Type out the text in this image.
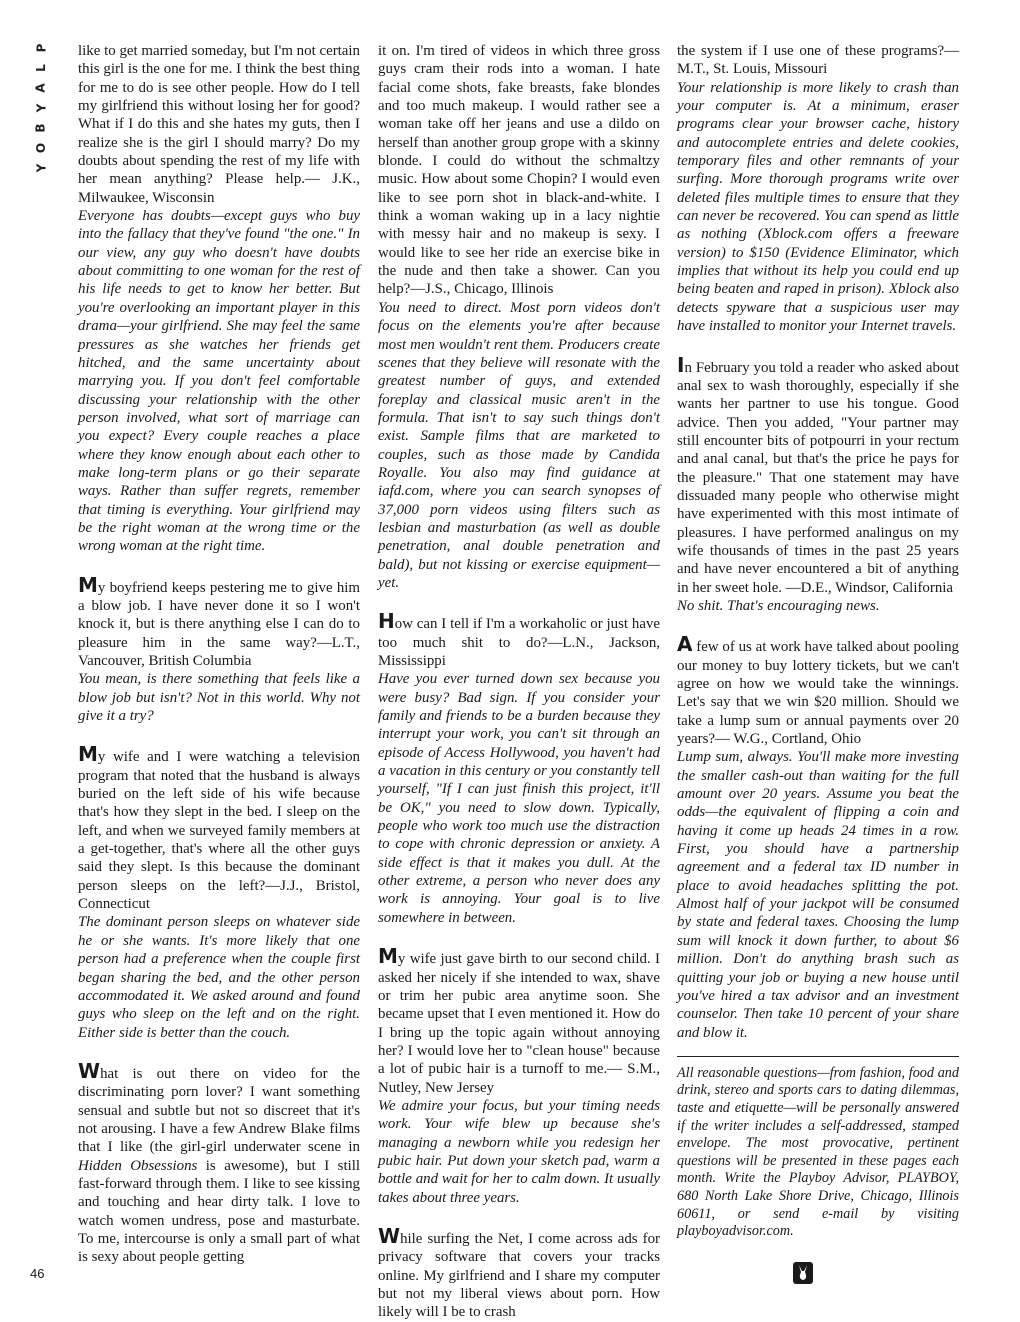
P
L
A
Y
B
O
Y

like to get married someday, but I'm not certain this girl is the one for me. I think the best thing for me to do is see other people. How do I tell my girlfriend this without losing her for good? What if I do this and she hates my guts, then I realize she is the girl I should marry? Do my doubts about spending the rest of my life with her mean anything? Please help.— J.K., Milwaukee, Wisconsin

Everyone has doubts—except guys who buy into the fallacy that they've found "the one." In our view, any guy who doesn't have doubts about committing to one woman for the rest of his life needs to get to know her better. But you're overlooking an important player in this drama—your girlfriend. She may feel the same pressures as she watches her friends get hitched, and the same uncertainty about marrying you. If you don't feel comfortable discussing your relationship with the other person involved, what sort of marriage can you expect? Every couple reaches a place where they know enough about each other to make long-term plans or go their separate ways. Rather than suffer regrets, remember that timing is everything. Your girlfriend may be the right woman at the wrong time or the wrong woman at the right time.

My boyfriend keeps pestering me to give him a blow job. I have never done it so I won't knock it, but is there anything else I can do to pleasure him in the same way?—L.T., Vancouver, British Columbia

You mean, is there something that feels like a blow job but isn't? Not in this world. Why not give it a try?

My wife and I were watching a television program that noted that the husband is always buried on the left side of his wife because that's how they slept in the bed. I sleep on the left, and when we surveyed family members at a get-together, that's where all the other guys said they slept. Is this because the dominant person sleeps on the left?—J.J., Bristol, Connecticut

The dominant person sleeps on whatever side he or she wants. It's more likely that one person had a preference when the couple first began sharing the bed, and the other person accommodated it. We asked around and found guys who sleep on the left and on the right. Either side is better than the couch.

What is out there on video for the discriminating porn lover? I want something sensual and subtle but not so discreet that it's not arousing. I have a few Andrew Blake films that I like (the girl-girl underwater scene in Hidden Obsessions is awesome), but I still fast-forward through them. I like to see kissing and touching and hear dirty talk. I love to watch women undress, pose and masturbate. To me, intercourse is only a small part of what is sexy about people getting

it on. I'm tired of videos in which three gross guys cram their rods into a woman. I hate facial come shots, fake breasts, fake blondes and too much makeup. I would rather see a woman take off her jeans and use a dildo on herself than another group grope with a skinny blonde. I could do without the schmaltzy music. How about some Chopin? I would even like to see porn shot in black-and-white. I think a woman waking up in a lacy nightie with messy hair and no makeup is sexy. I would like to see her ride an exercise bike in the nude and then take a shower. Can you help?—J.S., Chicago, Illinois

You need to direct. Most porn videos don't focus on the elements you're after because most men wouldn't rent them. Producers create scenes that they believe will resonate with the greatest number of guys, and extended foreplay and classical music aren't in the formula. That isn't to say such things don't exist. Sample films that are marketed to couples, such as those made by Candida Royalle. You also may find guidance at iafd.com, where you can search synopses of 37,000 porn videos using filters such as lesbian and masturbation (as well as double penetration, anal double penetration and bald), but not kissing or exercise equipment—yet.

How can I tell if I'm a workaholic or just have too much shit to do?—L.N., Jackson, Mississippi

Have you ever turned down sex because you were busy? Bad sign. If you consider your family and friends to be a burden because they interrupt your work, you can't sit through an episode of Access Hollywood, you haven't had a vacation in this century or you constantly tell yourself, "If I can just finish this project, it'll be OK," you need to slow down. Typically, people who work too much use the distraction to cope with chronic depression or anxiety. A side effect is that it makes you dull. At the other extreme, a person who never does any work is annoying. Your goal is to live somewhere in between.

My wife just gave birth to our second child. I asked her nicely if she intended to wax, shave or trim her pubic area anytime soon. She became upset that I even mentioned it. How do I bring up the topic again without annoying her? I would love her to "clean house" because a lot of pubic hair is a turnoff to me.— S.M., Nutley, New Jersey

We admire your focus, but your timing needs work. Your wife blew up because she's managing a newborn while you redesign her pubic hair. Put down your sketch pad, warm a bottle and wait for her to calm down. It usually takes about three years.

While surfing the Net, I come across ads for privacy software that covers your tracks online. My girlfriend and I share my computer but not my liberal views about porn. How likely will I be to crash

the system if I use one of these programs?—M.T., St. Louis, Missouri

Your relationship is more likely to crash than your computer is. At a minimum, eraser programs clear your browser cache, history and autocomplete entries and delete cookies, temporary files and other remnants of your surfing. More thorough programs write over deleted files multiple times to ensure that they can never be recovered. You can spend as little as nothing (Xblock.com offers a freeware version) to $150 (Evidence Eliminator, which implies that without its help you could end up being beaten and raped in prison). Xblock also detects spyware that a suspicious user may have installed to monitor your Internet travels.

In February you told a reader who asked about anal sex to wash thoroughly, especially if she wants her partner to use his tongue. Good advice. Then you added, "Your partner may still encounter bits of potpourri in your rectum and anal canal, but that's the price he pays for the pleasure." That one statement may have dissuaded many people who otherwise might have experimented with this most intimate of pleasures. I have performed analingus on my wife thousands of times in the past 25 years and have never encountered a bit of anything in her sweet hole. —D.E., Windsor, California

No shit. That's encouraging news.

A few of us at work have talked about pooling our money to buy lottery tickets, but we can't agree on how we would take the winnings. Let's say that we win $20 million. Should we take a lump sum or annual payments over 20 years?— W.G., Cortland, Ohio

Lump sum, always. You'll make more investing the smaller cash-out than waiting for the full amount over 20 years. Assume you beat the odds—the equivalent of flipping a coin and having it come up heads 24 times in a row. First, you should have a partnership agreement and a federal tax ID number in place to avoid headaches splitting the pot. Almost half of your jackpot will be consumed by state and federal taxes. Choosing the lump sum will knock it down further, to about $6 million. Don't do anything brash such as quitting your job or buying a new house until you've hired a tax advisor and an investment counselor. Then take 10 percent of your share and blow it.

All reasonable questions—from fashion, food and drink, stereo and sports cars to dating dilemmas, taste and etiquette—will be personally answered if the writer includes a self-addressed, stamped envelope. The most provocative, pertinent questions will be presented in these pages each month. Write the Playboy Advisor, PLAYBOY, 680 North Lake Shore Drive, Chicago, Illinois 60611, or send e-mail by visiting playboyadvisor.com.

46
